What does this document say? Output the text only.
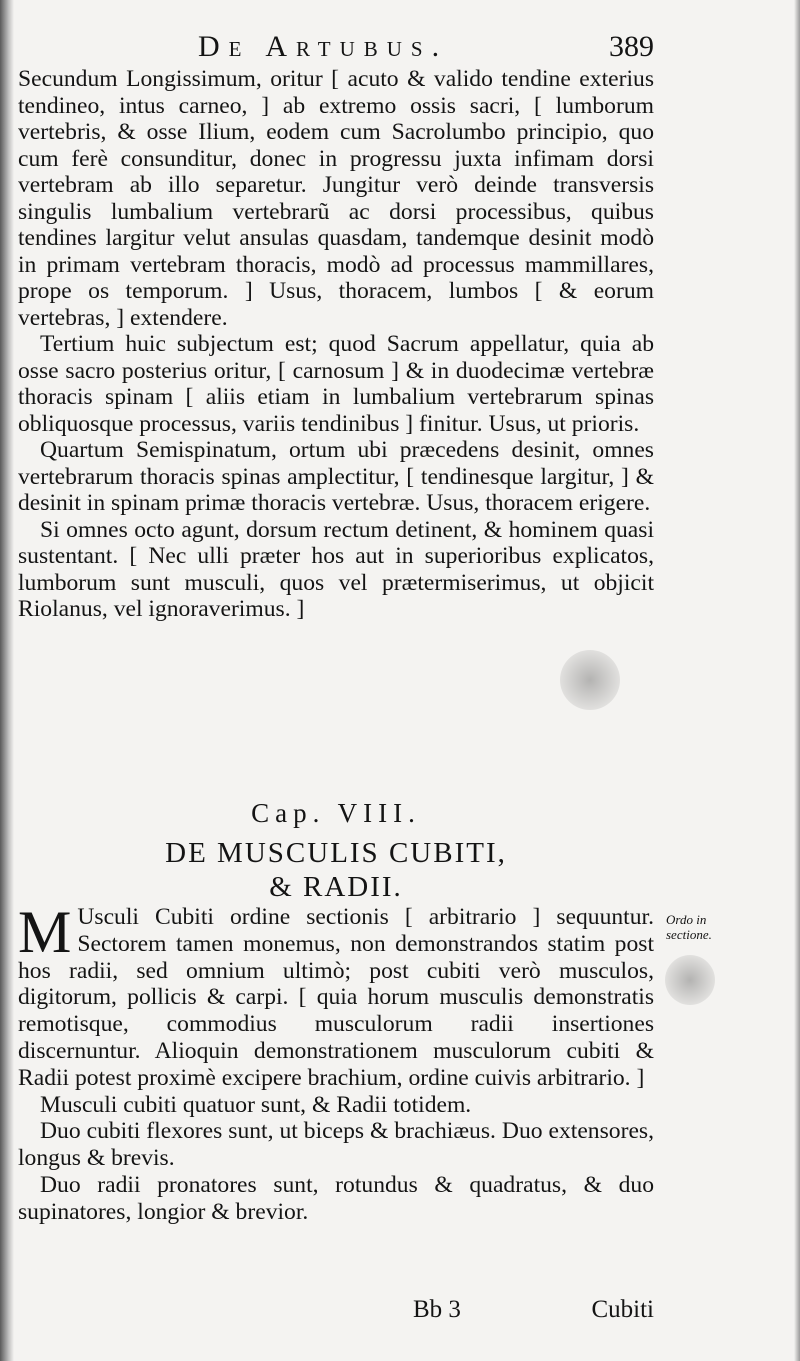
De Artubus.	389

Secundum Longissimum, oritur [ acuto & valido tendine exterius tendineo, intus carneo, ] ab extremo ossis sacri, [ lumborum vertebris, & osse Ilium, eodem cum Sacrolumbo principio, quo cum ferè consunditur, donec in progressu juxta infimam dorsi vertebram ab illo separetur. Jungitur verò deinde transversis singulis lumbalium vertebrarũ ac dorsi processibus, quibus tendines largitur velut ansulas quasdam, tandemque desinit modò in primam vertebram thoracis, modò ad processus mammillares, prope os temporum. ] Usus, thoracem, lumbos [ & eorum vertebras, ] extendere.

Tertium huic subjectum est; quod Sacrum appellatur, quia ab osse sacro posterius oritur, [ carnosum ] & in duodecimæ vertebræ thoracis spinam [ aliis etiam in lumbalium vertebrarum spinas obliquosque processus, variis tendinibus ] finitur. Usus, ut prioris.

Quartum Semispinatum, ortum ubi præcedens desinit, omnes vertebrarum thoracis spinas amplectitur, [ tendinesque largitur, ] & desinit in spinam primæ thoracis vertebræ. Usus, thoracem erigere.

Si omnes octo agunt, dorsum rectum detinent, & hominem quasi sustentant. [ Nec ulli præter hos aut in superioribus explicatos, lumborum sunt musculi, quos vel prætermiserimus, ut objicit Riolanus, vel ignoraverimus. ]

Cap. VIII.
DE MUSCULIS CUBITI,
& RADII.

M Usculi Cubiti ordine sectionis [ arbitrario ] sequuntur. Sectorem tamen monemus, non demonstrandos statim post hos radii, sed omnium ultimò; post cubiti verò musculos, digitorum, pollicis & carpi. [ quia horum musculis demonstratis remotisque, commodius musculorum radii insertiones discernuntur. Alioquin demonstrationem musculorum cubiti & Radii potest proximè excipere brachium, ordine cuivis arbitrario. ]

Musculi cubiti quatuor sunt, & Radii totidem.

Duo cubiti flexores sunt, ut biceps & brachiæus. Duo extensores, longus & brevis.

Duo radii pronatores sunt, rotundus & quadratus, & duo supinatores, longior & brevior.

Ordo in sectione.
Bb 3	Cubiti
